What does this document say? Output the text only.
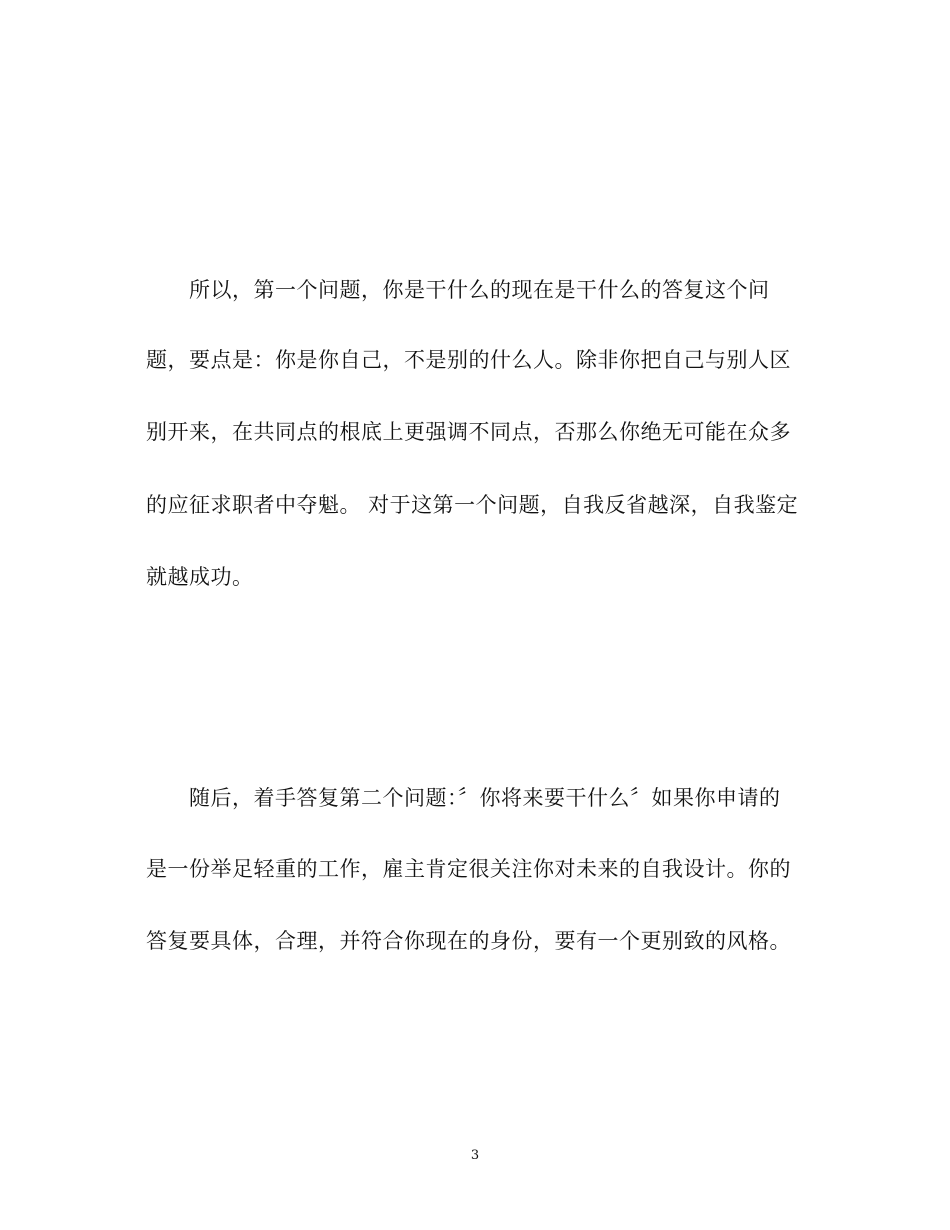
所以，第一个问题，你是干什么的现在是干什么的答复这个问
题，要点是：你是你自己，不是别的什么人。除非你把自己与别人区
别开来，在共同点的根底上更强调不同点，否那么你绝无可能在众多
的应征求职者中夺魁。 对于这第一个问题，自我反省越深，自我鉴定
就越成功。
随后，着手答复第二个问题：〞你将来要干什么〞如果你申请的
是一份举足轻重的工作，雇主肯定很关注你对未来的自我设计。你的
答复要具体，合理，并符合你现在的身份，要有一个更别致的风格。
3
